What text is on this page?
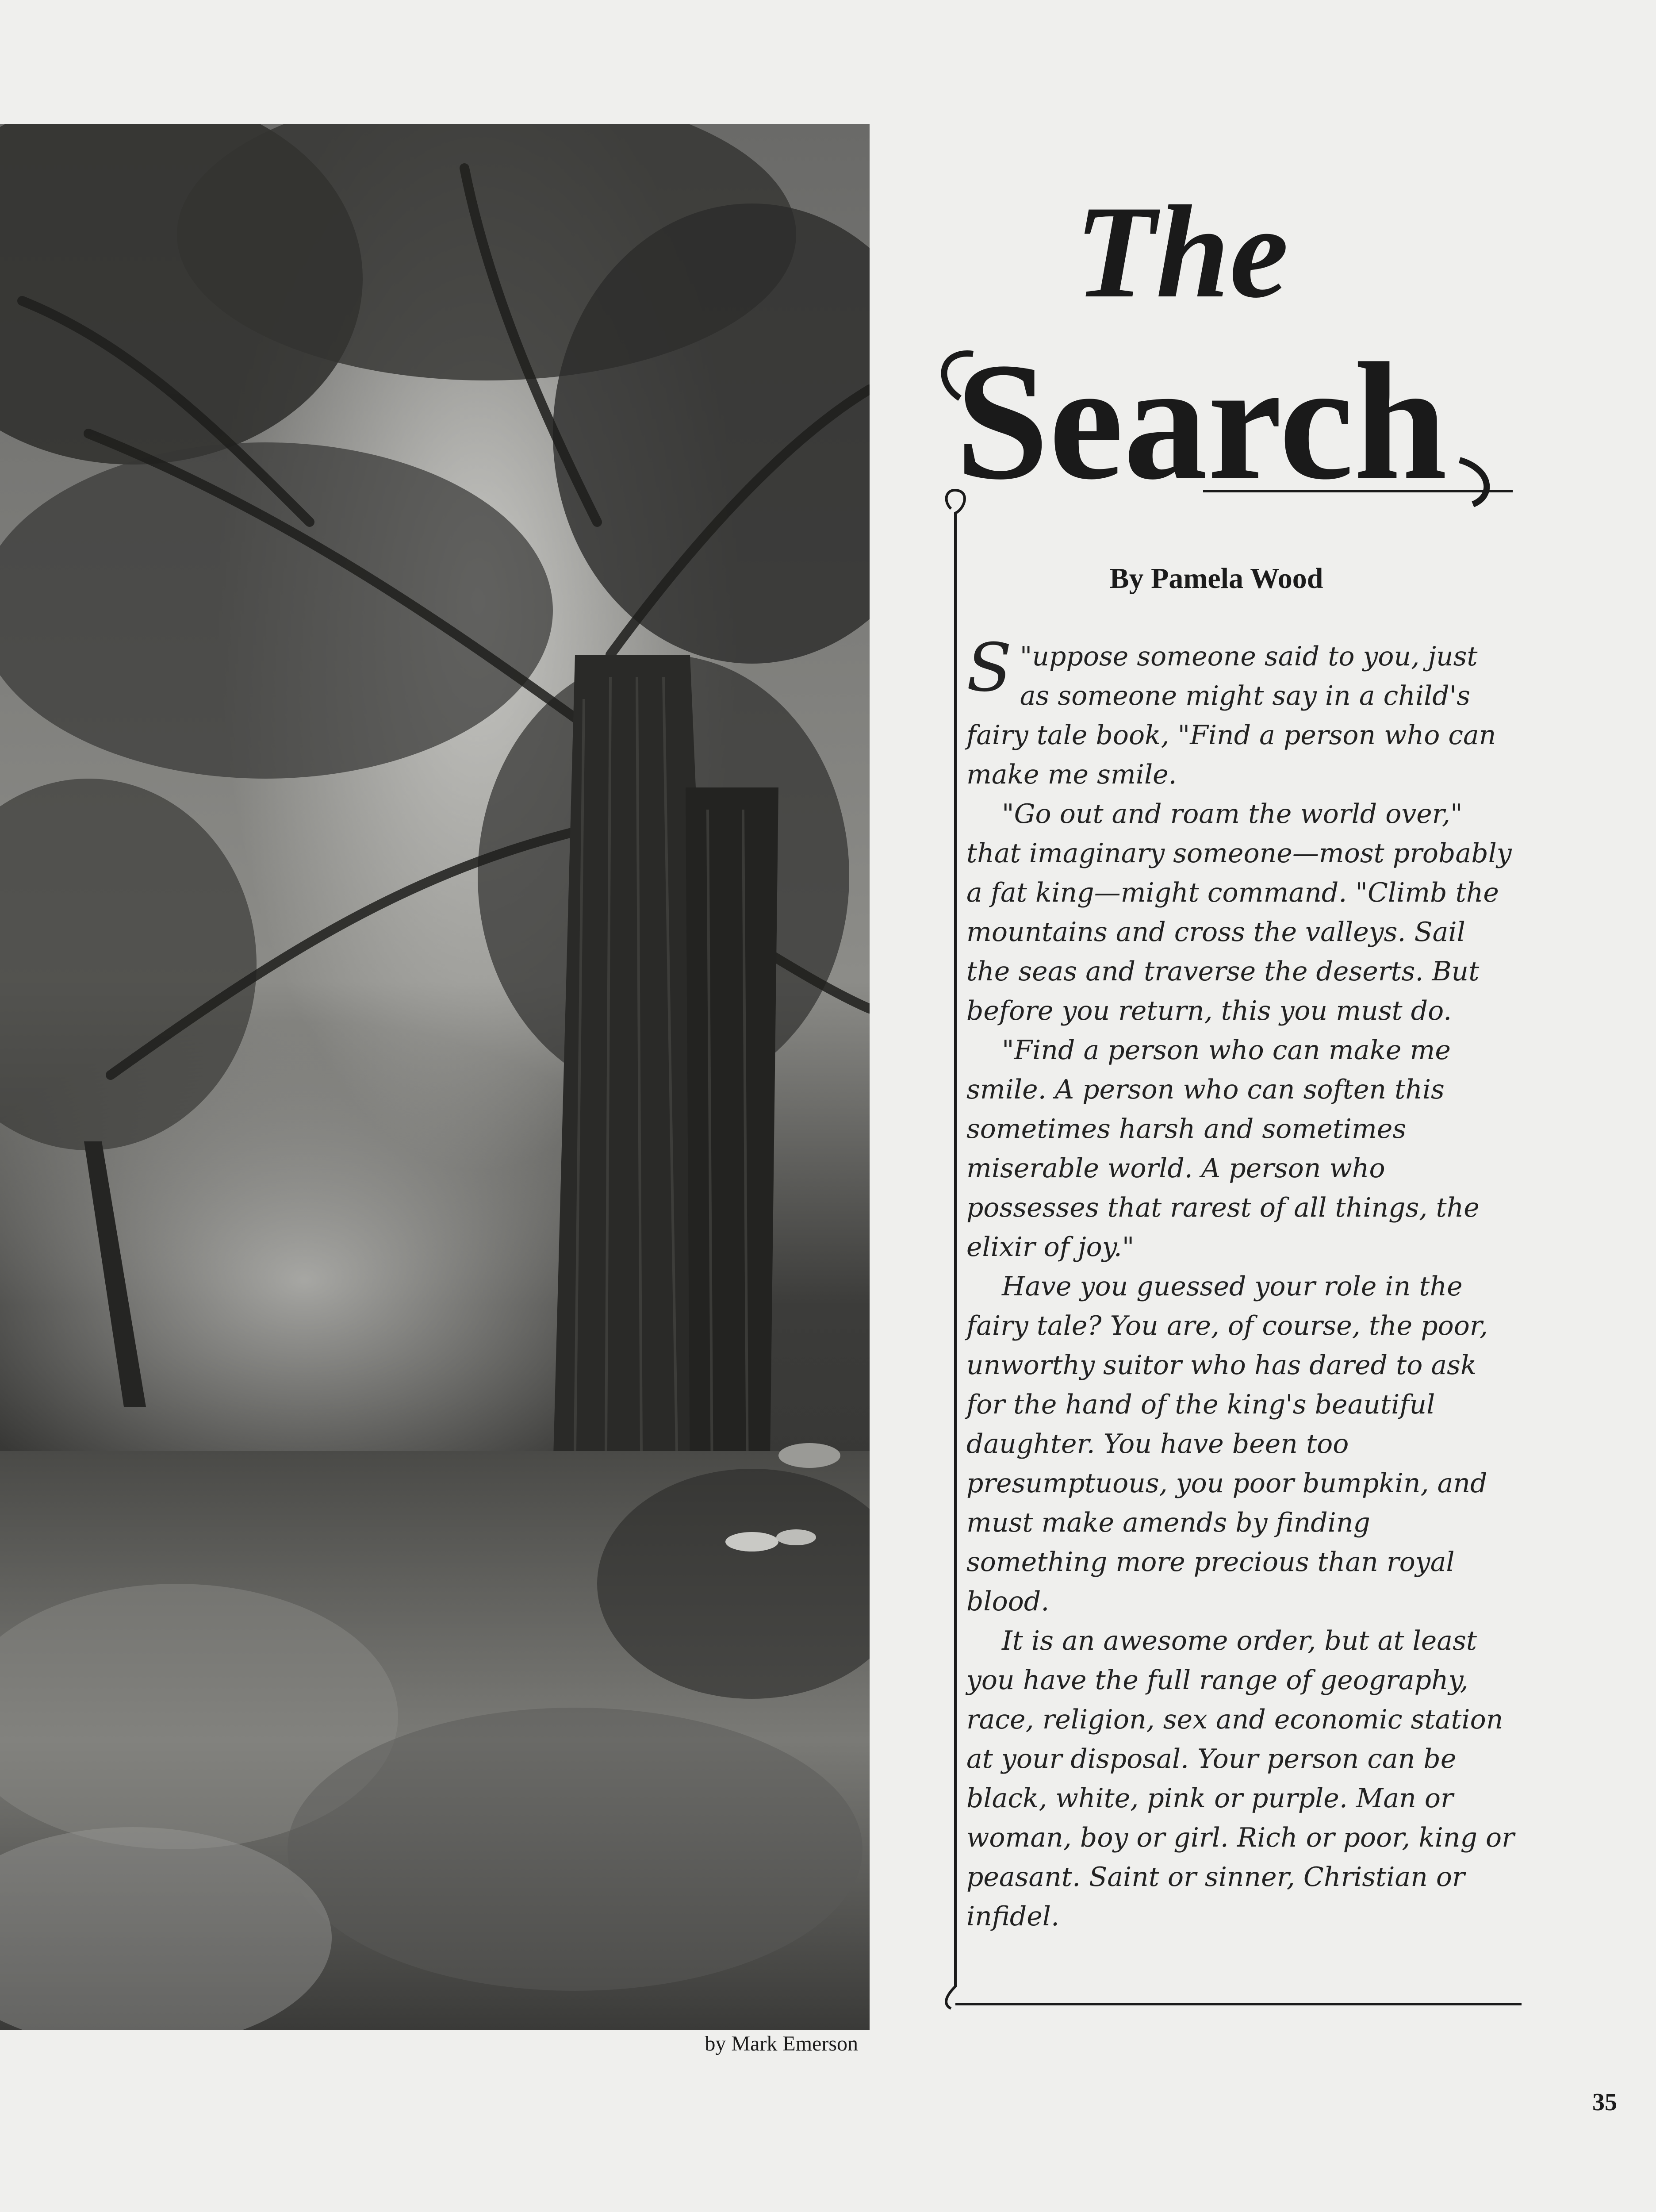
by Mark Emerson
The
Search
By Pamela Wood

"
S uppose someone said to you, just as someone might say in a child's fairy tale book, "Find a person who can make me smile.

"Go out and roam the world over," that imaginary someone—most probably a fat king—might command. "Climb the mountains and cross the valleys. Sail the seas and traverse the deserts. But before you return, this you must do.

"Find a person who can make me smile. A person who can soften this sometimes harsh and sometimes miserable world. A person who possesses that rarest of all things, the elixir of joy."

Have you guessed your role in the fairy tale? You are, of course, the poor, unworthy suitor who has dared to ask for the hand of the king's beautiful daughter. You have been too presumptuous, you poor bumpkin, and must make amends by finding something more precious than royal blood.

It is an awesome order, but at least you have the full range of geography, race, religion, sex and economic station at your disposal. Your person can be black, white, pink or purple. Man or woman, boy or girl. Rich or poor, king or peasant. Saint or sinner, Christian or infidel.

35
